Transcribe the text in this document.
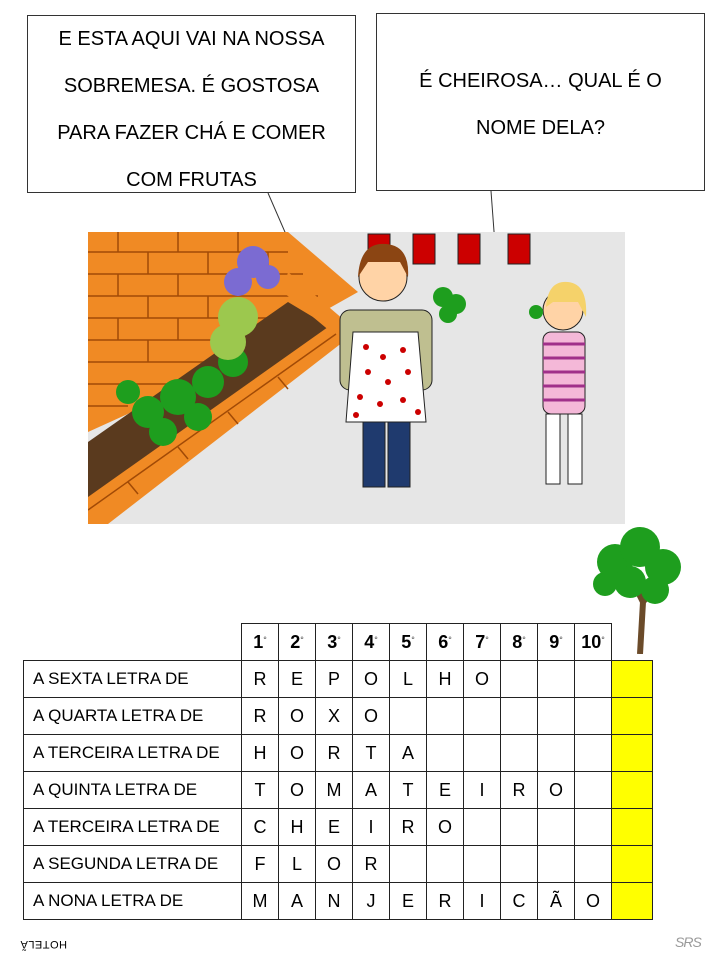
E ESTA AQUI VAI NA NOSSA
SOBREMESA. É GOSTOSA
PARA FAZER CHÁ E COMER
COM FRUTAS
É CHEIROSA… QUAL É O
NOME DELA?
	1◦	2◦	3◦	4◦	5◦	6◦	7◦	8◦	9◦	10◦	
A SEXTA LETRA DE	R	E	P	O	L	H	O				
A QUARTA LETRA DE	R	O	X	O							
A TERCEIRA LETRA DE	H	O	R	T	A						
A QUINTA LETRA DE	T	O	M	A	T	E	I	R	O		
A TERCEIRA LETRA DE	C	H	E	I	R	O					
A SEGUNDA LETRA DE	F	L	O	R							
A NONA LETRA DE	M	A	N	J	E	R	I	C	Ã	O	
HOTELÃ	SRS
